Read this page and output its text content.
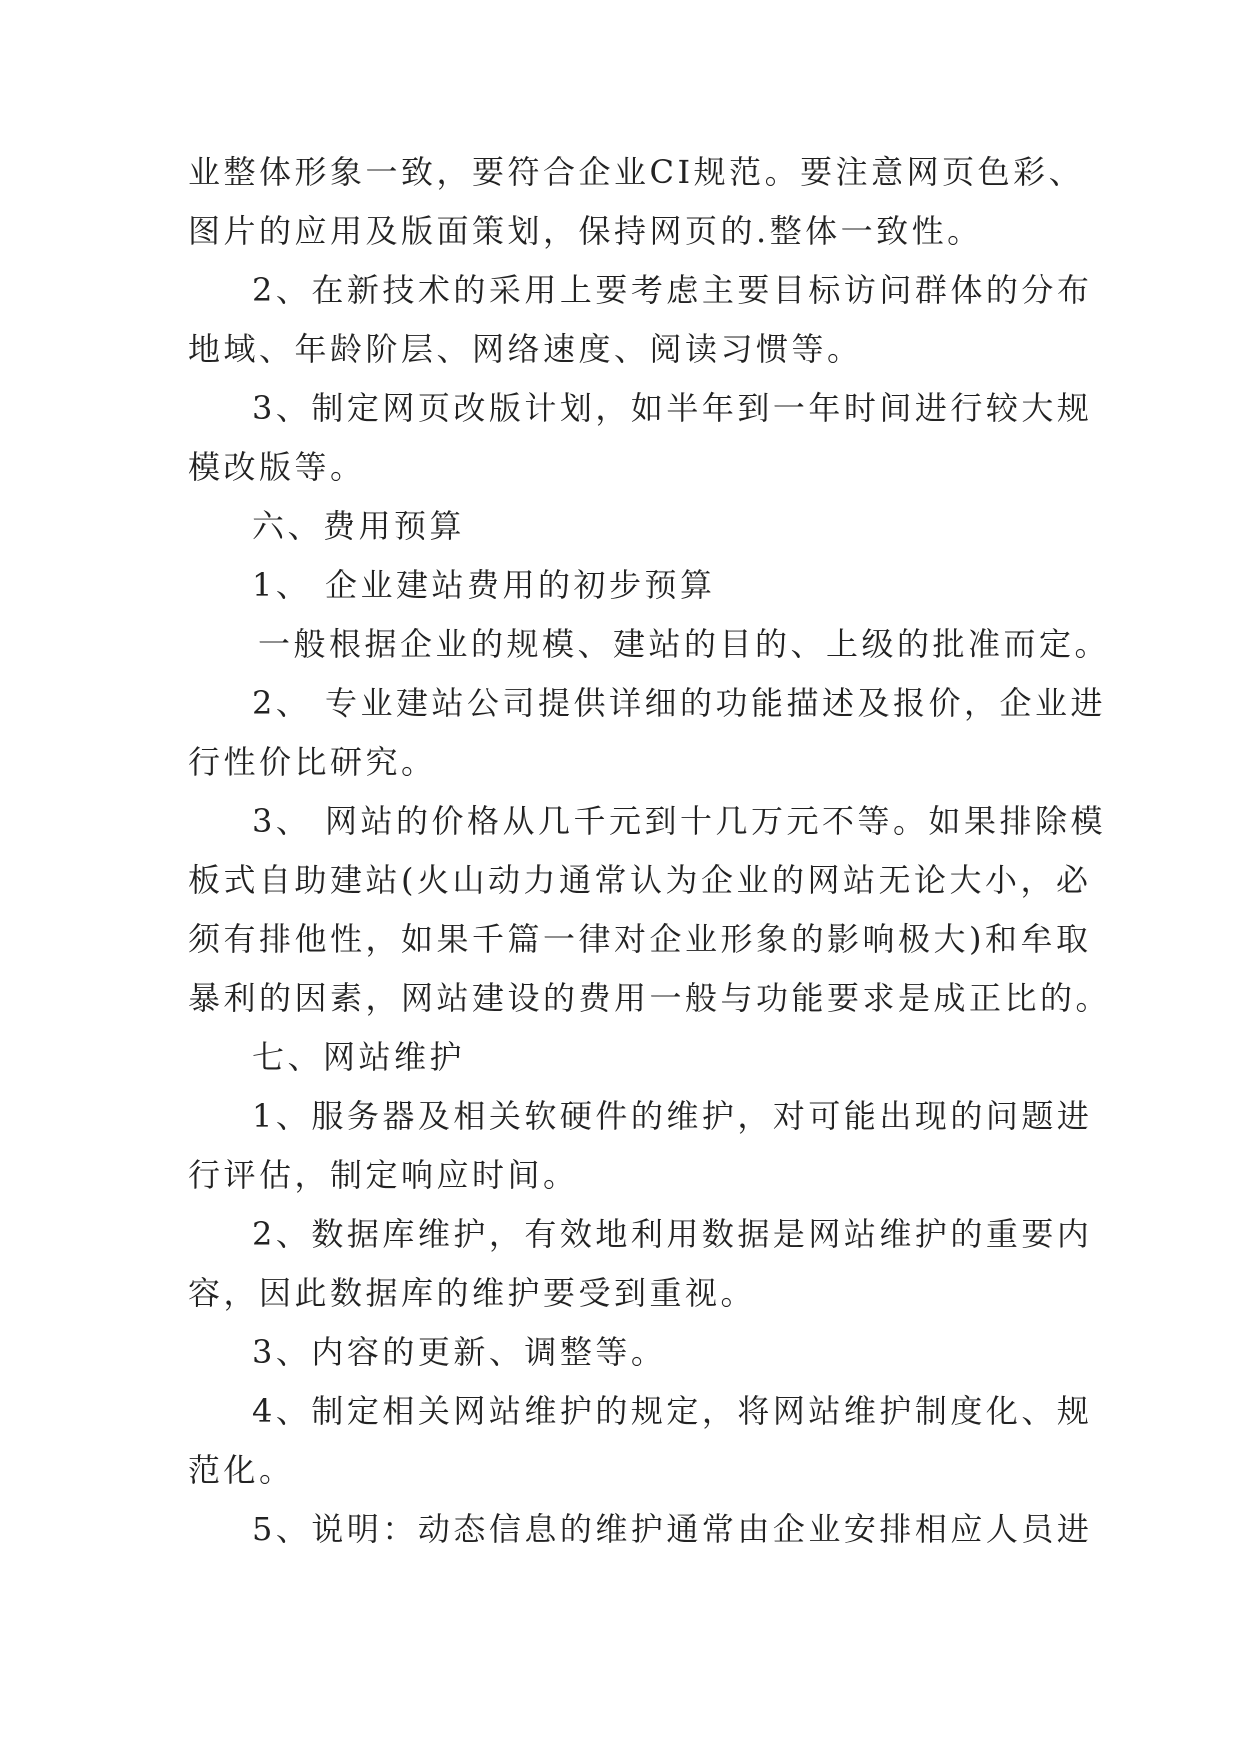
业整体形象一致，要符合企业CI规范。要注意网页色彩、
图片的应用及版面策划，保持网页的.整体一致性。
2、在新技术的采用上要考虑主要目标访问群体的分布
地域、年龄阶层、网络速度、阅读习惯等。
3、制定网页改版计划，如半年到一年时间进行较大规
模改版等。
六、费用预算
1、 企业建站费用的初步预算
一般根据企业的规模、建站的目的、上级的批准而定。
2、 专业建站公司提供详细的功能描述及报价，企业进
行性价比研究。
3、 网站的价格从几千元到十几万元不等。如果排除模
板式自助建站(火山动力通常认为企业的网站无论大小，必
须有排他性，如果千篇一律对企业形象的影响极大)和牟取
暴利的因素，网站建设的费用一般与功能要求是成正比的。
七、网站维护
1、服务器及相关软硬件的维护，对可能出现的问题进
行评估，制定响应时间。
2、数据库维护，有效地利用数据是网站维护的重要内
容，因此数据库的维护要受到重视。
3、内容的更新、调整等。
4、制定相关网站维护的规定，将网站维护制度化、规
范化。
5、说明：动态信息的维护通常由企业安排相应人员进
